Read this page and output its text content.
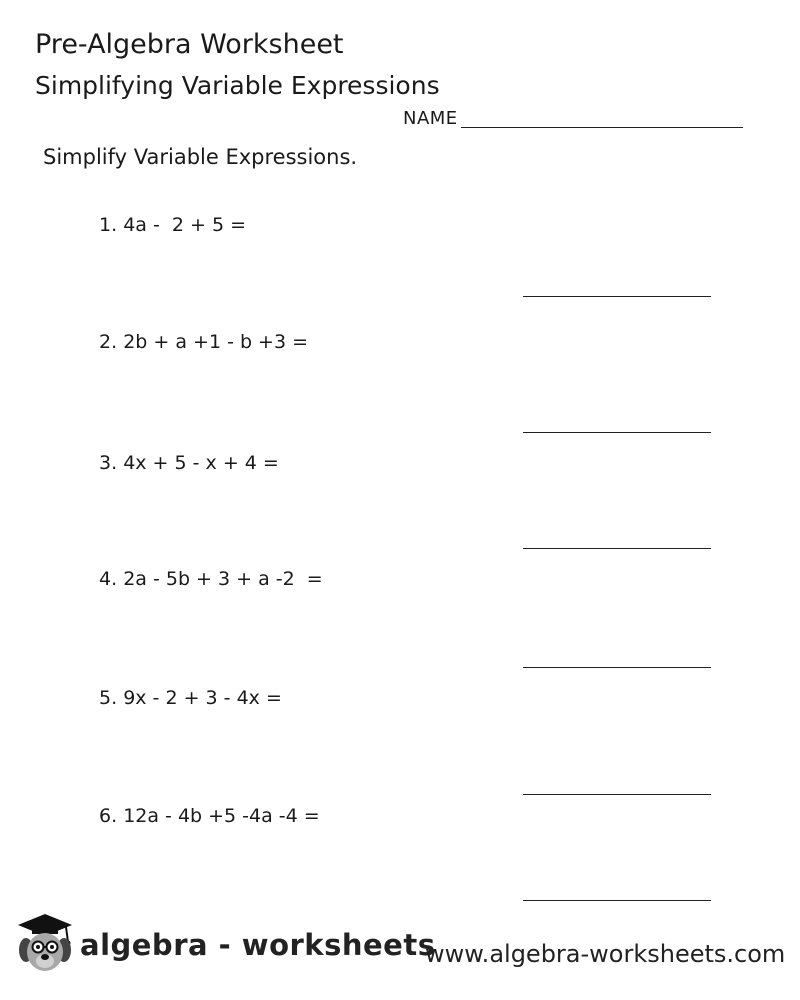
Pre-Algebra Worksheet
Simplifying Variable Expressions
NAME
Simplify Variable Expressions.
1. 4a -  2 + 5 =
2. 2b + a +1 - b +3 =
3. 4x + 5 - x + 4 =
4. 2a - 5b + 3 + a -2  =
5. 9x - 2 + 3 - 4x =
6. 12a - 4b +5 -4a -4 =
algebra - worksheets
www.algebra-worksheets.com
